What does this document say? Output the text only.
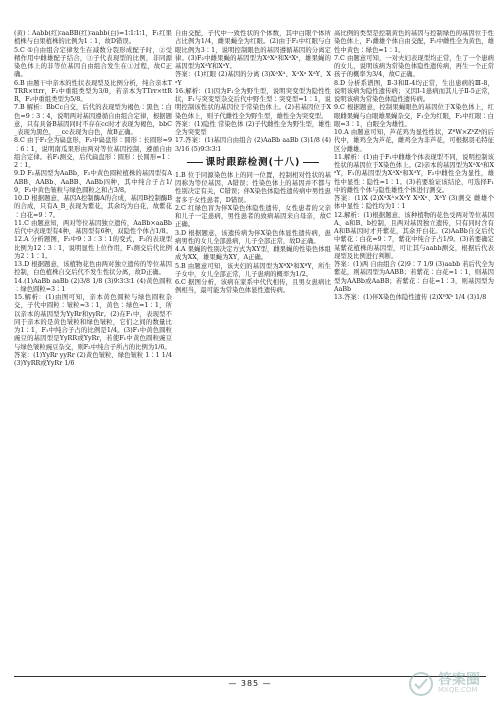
(黄)∶Aabb(红)∶aaBB(红)∶aabb(白)=1∶1∶1∶1，F₁红果植株与白果植株的比例为1∶1，故D错误。

5.C ①自由组合定律发生在减数分裂形成配子时，②受精作用中雌雄配子结合，③子代表现型的比例，非同源染色体上的非等位基因自由组合发生在①过程，故C正确。

6.B 由题干中亲本的性状表现型及比例分析，纯合亲本TTRR×ttrr，F₂中重组类型为3/8，若亲本为TTrr×ttRR，F₂中重组类型为5/8。

7.B 解析：BbCc自交，后代的表现型为褐色∶黑色∶白色=9∶3∶4，说明两对基因遵循自由组合定律，根据题意，只有具备B基因同时不存在cc时才表现为褐色，bbC_表现为黑色，__cc表现为白色，故B正确。

8.C 由于F₁全为扁盘形，F₂中扁盘形∶圆形∶长圆形=9∶6∶1，说明南瓜果形由两对等位基因控制，遵循自由组合定律。若F₁测交，后代扁盘形∶圆形∶长圆形=1∶2∶1。

9.D F₁基因型为AaBb，F₂中黄色圆粒植株的基因型有AABB、AABb、AaBB、AaBb四种，其中纯合子占1/9，F₂中黄色皱粒与绿色圆粒之和占3/8。

10.D 根据题意，基因A控制酶A的合成，基因B控制酶B的合成，只有A_B_表现为紫花，其余均为白花，故紫花∶白花=9∶7。

11.C 由题意知，两对等位基因独立遗传，AaBb×aaBb后代中表现型有4种，基因型有6种，双隐性个体占1/8。

12.A 分析题图，F₂中9∶3∶3∶1的变式，F₂的表现型比例为12∶3∶1，说明显性上位作用，F₁测交后代比例为2∶1∶1。

13.D 根据题意，该植物花色由两对独立遗传的等位基因控制，白色植株自交后代不发生性状分离，故D正确。

14.(1)AaBb aaBb (2)3/8 1/8 (3)9∶3∶3∶1 (4)黄色圆粒∶绿色圆粒=3∶1

15.解析：(1)由图可知，亲本黄色圆粒与绿色圆粒杂交，子代中圆粒∶皱粒=3∶1，黄色∶绿色=1∶1，所以亲本的基因型为YyRr和yyRr。(2)在F₁中，表现型不同于亲本的是黄色皱粒和绿色皱粒，它们之间的数量比为1∶1，F₁中纯合子占的比例是1/4。(3)F₁中黄色圆粒豌豆的基因型是YyRR或YyRr，若使F₁中黄色圆粒豌豆与绿色皱粒豌豆杂交，则F₂中纯合子所占的比例为1/6。

答案：(1)YyRr yyRr (2)黄色皱粒、绿色皱粒 1∶1 1/4 (3)YyRR或YyRr 1/6

自由交配，子代中一致性状的个体数，其中白眼个体所占比例为1/4，雌果蝇全为红眼。(2)由于F₂中红眼与白眼比例为3∶1，说明控制眼色的基因遵循基因的分离定律。(3)F₂中雌果蝇的基因型为XᴬXᴬ和XᴬXᵃ，雄果蝇的基因型为XᴬY和XᵃY。

答案：(1)红眼 (2)基因的分离 (3)XᴬXᴬ、XᴬXᵃ XᴬY、XᵃY

16.解析：(1)因为F₁全为野生型，说明突变型为隐性性状，F₁与突变型杂交后代中野生型∶突变型=1∶1，说明控制该性状的基因位于常染色体上。(2)若基因位于X染色体上，则子代雌性全为野生型，雄性全为突变型。

答案：(1)隐性 常染色体 (2)子代雌性全为野生型，雄性全为突变型

17.答案：(1)基因自由组合 (2)AaBb aaBb (3)1/8 (4)3/16 (5)9∶3∶3∶1

课时跟踪检测(十八)

1.B 位于同源染色体上的同一位置，控制相对性状的基因称为等位基因，A错误；性染色体上的基因并不都与性别决定有关，C错误；伴X染色体隐性遗传病中男性患者多于女性患者，D错误。

2.C 红绿色盲为伴X染色体隐性遗传，女性患者的父亲和儿子一定患病，男性患者的致病基因来自母亲，故C正确。

3.D 根据题意，该遗传病为伴X染色体显性遗传病，患病男性的女儿全部患病，儿子全部正常，故D正确。

4.A 果蝇的性别决定方式为XY型，雌果蝇的性染色体组成为XX，雄果蝇为XY，A正确。

5.B 由题意可知，该夫妇的基因型为XᴮXᵇ和XᴮY，所生子女中，女儿全部正常，儿子患病的概率为1/2。

6.C 据图分析，该病在家系中代代相传，且男女患病比例相当，最可能为常染色体显性遗传病。

高比例的类型是控制黄色的基因与控制绿色的基因位于性染色体上，F₁雌雄个体自由交配，F₂中雌性全为黄色，雄性中黄色∶绿色=1∶1。

7.C 由题意可知，一对夫妇表现型均正常，生了一个患病的女儿，说明该病为常染色体隐性遗传病，再生一个正常孩子的概率为3/4，故C正确。

8.D 分析系谱图，Ⅱ-3和Ⅱ-4均正常，生出患病的Ⅲ-8，说明该病为隐性遗传病；又因Ⅰ-1患病而其儿子Ⅱ-5正常，说明该病为常染色体隐性遗传病。

9.C 根据题意，控制果蝇眼色的基因位于X染色体上，红眼雌果蝇与白眼雄果蝇杂交，F₁全为红眼，F₂中红眼∶白眼=3∶1，白眼全为雄性。

10.A 由题意可知，芦花鸡为显性性状，ZᴮW×ZᵇZᵇ的后代中，雄鸡全为芦花，雌鸡全为非芦花，可根据羽毛特征区分雌雄。

11.解析：(1)由于F₁中雌雄个体表现型不同，说明控制该性状的基因位于X染色体上。(2)亲本的基因型为XᴬXᴬ和XᵃY，F₁的基因型为XᴬXᵃ和XᴬY，F₂中雌性全为显性，雄性中显性∶隐性=1∶1。(3)若要验证该结论，可选择F₁中的雌性个体与隐性雄性个体进行测交。

答案：(1)X (2)XᴬXᴬ×XᵃY XᴬXᵃ、XᴬY (3)测交 雌雄个体中显性∶隐性均为1∶1

12.解析：(1)根据题意，该种植物的花色受两对等位基因A、a和B、b控制，且两对基因独立遗传，只有同时含有A和B基因时才开紫花，其余开白花。(2)AaBb自交后代中紫花∶白花=9∶7，紫花中纯合子占1/9。(3)若要确定某紫花植株的基因型，可让其与aabb测交，根据后代表现型及比例进行判断。

答案：(1)两 自由组合 (2)9∶7 1/9 (3)aabb 若后代全为紫花，则基因型为AABB；若紫花∶白花=1∶1，则基因型为AABb或AaBB；若紫花∶白花=1∶3，则基因型为AaBb

13.答案：(1)伴X染色体隐性遗传 (2)XᴮXᵇ 1/4 (3)1/8

— 385 —	答案圈
MXQE.COM
